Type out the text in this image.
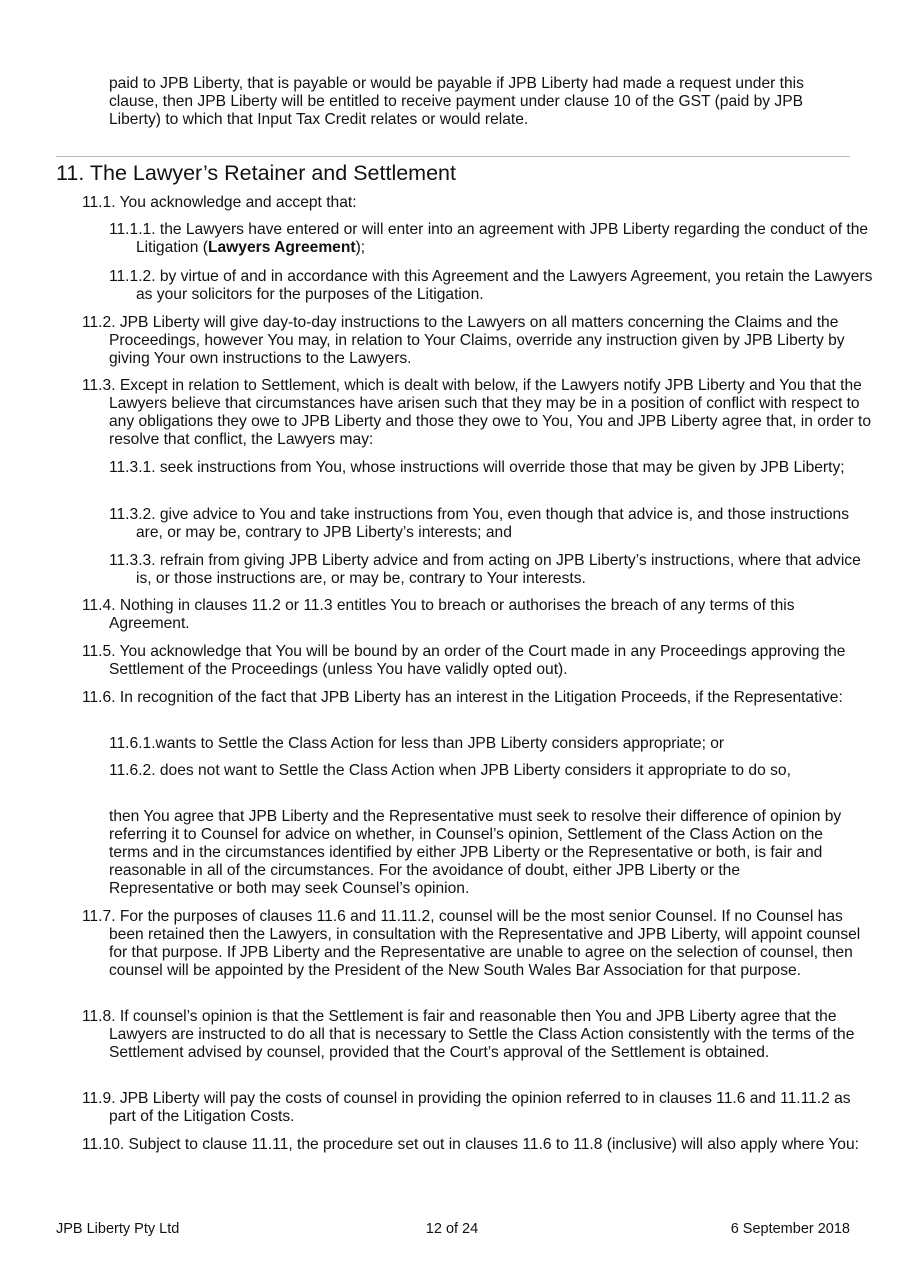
paid to JPB Liberty, that is payable or would be payable if JPB Liberty had made a request under this clause, then JPB Liberty will be entitled to receive payment under clause 10 of the GST (paid by JPB Liberty) to which that Input Tax Credit relates or would relate.

11. The Lawyer’s Retainer and Settlement

11.1. You acknowledge and accept that:

11.1.1. the Lawyers have entered or will enter into an agreement with JPB Liberty regarding the conduct of the Litigation (Lawyers Agreement);

11.1.2. by virtue of and in accordance with this Agreement and the Lawyers Agreement, you retain the Lawyers as your solicitors for the purposes of the Litigation.

11.2. JPB Liberty will give day-to-day instructions to the Lawyers on all matters concerning the Claims and the Proceedings, however You may, in relation to Your Claims, override any instruction given by JPB Liberty by giving Your own instructions to the Lawyers.

11.3. Except in relation to Settlement, which is dealt with below, if the Lawyers notify JPB Liberty and You that the Lawyers believe that circumstances have arisen such that they may be in a position of conflict with respect to any obligations they owe to JPB Liberty and those they owe to You, You and JPB Liberty agree that, in order to resolve that conflict, the Lawyers may:

11.3.1. seek instructions from You, whose instructions will override those that may be given by JPB Liberty;

11.3.2. give advice to You and take instructions from You, even though that advice is, and those instructions are, or may be, contrary to JPB Liberty’s interests; and

11.3.3. refrain from giving JPB Liberty advice and from acting on JPB Liberty’s instructions, where that advice is, or those instructions are, or may be, contrary to Your interests.

11.4. Nothing in clauses 11.2 or 11.3 entitles You to breach or authorises the breach of any terms of this Agreement.

11.5. You acknowledge that You will be bound by an order of the Court made in any Proceedings approving the Settlement of the Proceedings (unless You have validly opted out).

11.6. In recognition of the fact that JPB Liberty has an interest in the Litigation Proceeds, if the Representative:

11.6.1.wants to Settle the Class Action for less than JPB Liberty considers appropriate; or

11.6.2. does not want to Settle the Class Action when JPB Liberty considers it appropriate to do so,

then You agree that JPB Liberty and the Representative must seek to resolve their difference of opinion by referring it to Counsel for advice on whether, in Counsel’s opinion, Settlement of the Class Action on the terms and in the circumstances identified by either JPB Liberty or the Representative or both, is fair and reasonable in all of the circumstances. For the avoidance of doubt, either JPB Liberty or the Representative or both may seek Counsel’s opinion.

11.7. For the purposes of clauses 11.6 and 11.11.2, counsel will be the most senior Counsel. If no Counsel has been retained then the Lawyers, in consultation with the Representative and JPB Liberty, will appoint counsel for that purpose. If JPB Liberty and the Representative are unable to agree on the selection of counsel, then counsel will be appointed by the President of the New South Wales Bar Association for that purpose.

11.8. If counsel’s opinion is that the Settlement is fair and reasonable then You and JPB Liberty agree that the Lawyers are instructed to do all that is necessary to Settle the Class Action consistently with the terms of the Settlement advised by counsel, provided that the Court’s approval of the Settlement is obtained.

11.9. JPB Liberty will pay the costs of counsel in providing the opinion referred to in clauses 11.6 and 11.11.2 as part of the Litigation Costs.

11.10. Subject to clause 11.11, the procedure set out in clauses 11.6 to 11.8 (inclusive) will also apply where You:

JPB Liberty Pty Ltd	12 of 24	6 September 2018
